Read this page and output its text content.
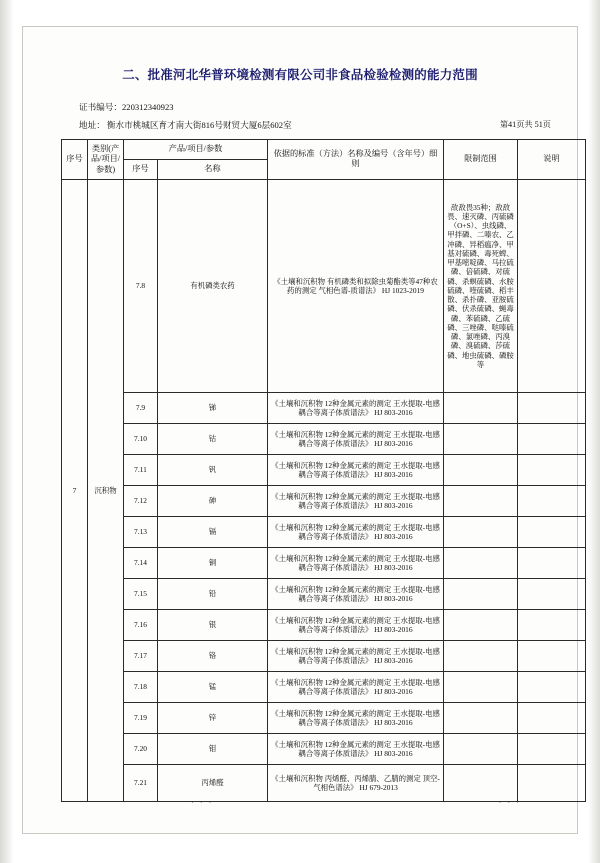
二、批准河北华普环境检测有限公司非食品检验检测的能力范围
证书编号：220312340923
地址： 衡水市桃城区育才南大街816号财贸大厦6层602室	第41页共 51页
序号	类别(产品/项目/参数)	产品/项目/参数		依据的标准（方法）名称及编号（含年号）细则	限制范围	说明
		序号	名称			
7	沉积物	7.8	有机磷类农药	《土壤和沉积物 有机磷类和拟除虫菊酯类等47种农药的测定 气相色谱-质谱法》 HJ 1023-2019	敌敌畏35种；敌敌畏、速灭磷、丙硫磷（O+S）、虫线磷、甲拌磷、二嗪农、乙冲磷、异稻瘟净、甲基对硫磷、毒死蜱、甲基嘧啶磷、马拉硫磷、倍硫磷、对硫磷、杀螟硫磷、水胺硫磷、喹硫磷、稻丰散、杀扑磷、亚胺硫磷、伏杀硫磷、蝇毒磷、苯硫磷、乙硫磷、三唑磷、哒嗪硫磷、氯唑磷、丙溴磷、溴硫磷、莎硫磷、地虫硫磷、磷胺等	
		7.9	锑	《土壤和沉积物 12种金属元素的测定 王水提取-电感耦合等离子体质谱法》 HJ 803-2016		
		7.10	钴	《土壤和沉积物 12种金属元素的测定 王水提取-电感耦合等离子体质谱法》 HJ 803-2016		
		7.11	钒	《土壤和沉积物 12种金属元素的测定 王水提取-电感耦合等离子体质谱法》 HJ 803-2016		
		7.12	砷	《土壤和沉积物 12种金属元素的测定 王水提取-电感耦合等离子体质谱法》 HJ 803-2016		
		7.13	镉	《土壤和沉积物 12种金属元素的测定 王水提取-电感耦合等离子体质谱法》 HJ 803-2016		
		7.14	铜	《土壤和沉积物 12种金属元素的测定 王水提取-电感耦合等离子体质谱法》 HJ 803-2016		
		7.15	铅	《土壤和沉积物 12种金属元素的测定 王水提取-电感耦合等离子体质谱法》 HJ 803-2016		
		7.16	银	《土壤和沉积物 12种金属元素的测定 王水提取-电感耦合等离子体质谱法》 HJ 803-2016		
		7.17	铬	《土壤和沉积物 12种金属元素的测定 王水提取-电感耦合等离子体质谱法》 HJ 803-2016		
		7.18	锰	《土壤和沉积物 12种金属元素的测定 王水提取-电感耦合等离子体质谱法》 HJ 803-2016		
		7.19	锌	《土壤和沉积物 12种金属元素的测定 王水提取-电感耦合等离子体质谱法》 HJ 803-2016		
		7.20	钼	《土壤和沉积物 12种金属元素的测定 王水提取-电感耦合等离子体质谱法》 HJ 803-2016		
		7.21	丙烯醛	《土壤和沉积物 丙烯醛、丙烯腈、乙腈的测定 顶空-气相色谱法》 HJ 679-2013		
· · ·	· · ·
